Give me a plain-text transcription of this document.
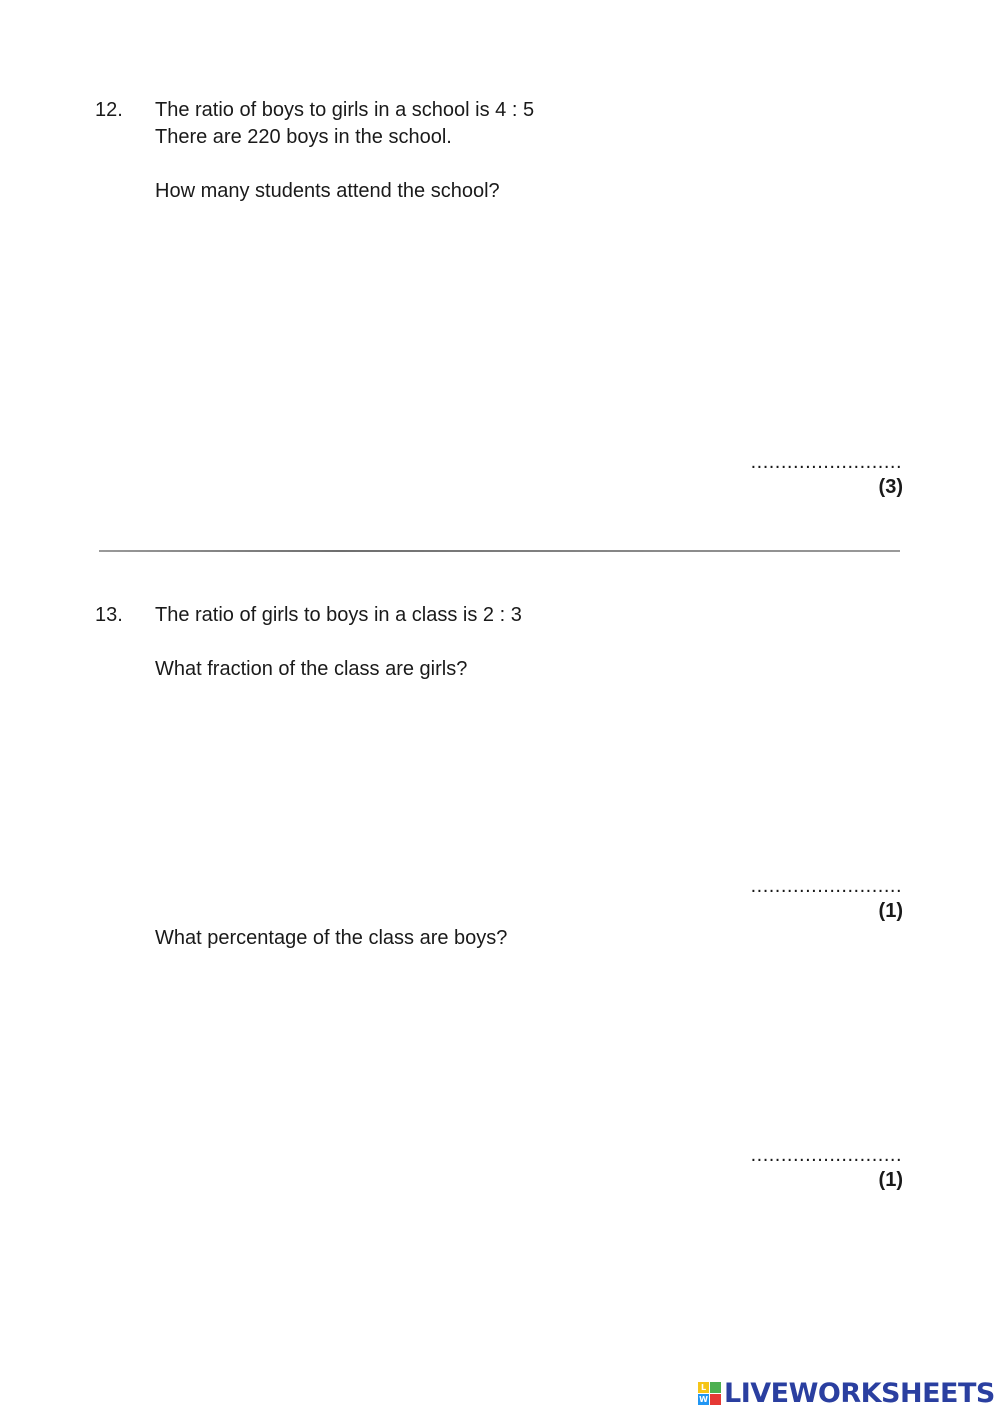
12. The ratio of boys to girls in a school is 4 : 5
There are 220 boys in the school.
How many students attend the school?
.........................
(3)
13. The ratio of girls to boys in a class is 2 : 3
What fraction of the class are girls?
.........................
(1)
What percentage of the class are boys?
.........................
(1)
L
W LIVEWORKSHEETS
